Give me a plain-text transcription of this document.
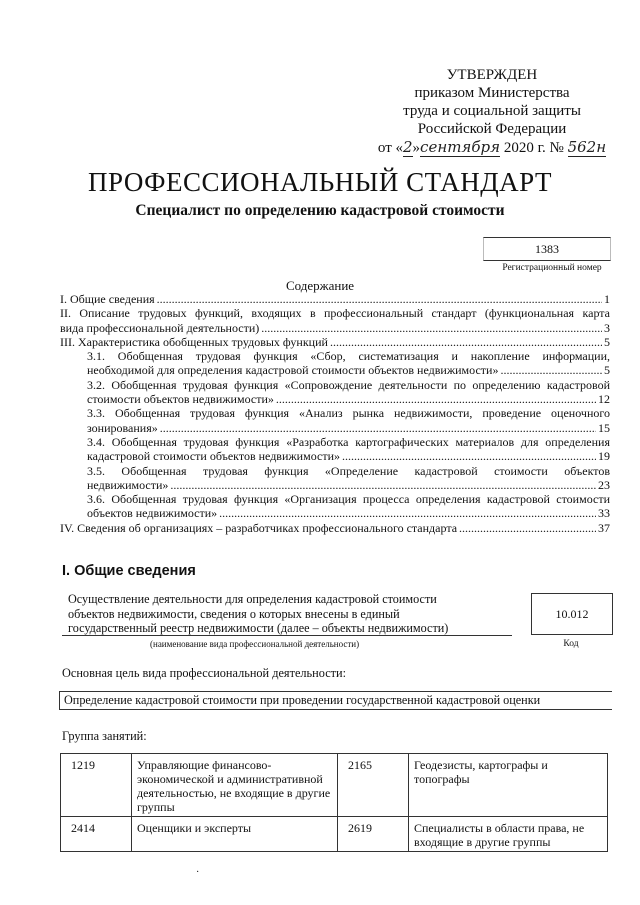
УТВЕРЖДЕН
приказом Министерства
труда и социальной защиты
Российской Федерации
от «2»сентября 2020 г. № 562н
ПРОФЕССИОНАЛЬНЫЙ СТАНДАРТ
Специалист по определению кадастровой стоимости
1383
Регистрационный номер
Содержание
I. Общие сведения .....	1
II. Описание трудовых функций, входящих в профессиональный стандарт (функциональная карта
вида профессиональной деятельности) .....	3
III. Характеристика обобщенных трудовых функций .....	5
3.1. Обобщенная трудовая функция «Сбор, систематизация и накопление информации,
необходимой для определения кадастровой стоимости объектов недвижимости» .....	5
3.2. Обобщенная трудовая функция «Сопровождение деятельности по определению кадастровой
стоимости объектов недвижимости» .....	12
3.3. Обобщенная трудовая функция «Анализ рынка недвижимости, проведение оценочного
зонирования» .....	15
3.4. Обобщенная трудовая функция «Разработка картографических материалов для определения
кадастровой стоимости объектов недвижимости» .....	19
3.5. Обобщенная трудовая функция «Определение кадастровой стоимости объектов
недвижимости» .....	23
3.6. Обобщенная трудовая функция «Организация процесса определения кадастровой стоимости
объектов недвижимости» .....	33
IV. Сведения об организациях – разработчиках профессионального стандарта .....	37
I. Общие сведения
Осуществление деятельности для определения кадастровой стоимости
объектов недвижимости, сведения о которых внесены в единый
государственный реестр недвижимости (далее – объекты недвижимости)
(наименование вида профессиональной деятельности)
10.012
Код
Основная цель вида профессиональной деятельности:
Определение кадастровой стоимости при проведении государственной кадастровой оценки
Группа занятий:
1219	Управляющие финансово-экономической и административной деятельностью, не входящие в другие группы	2165	Геодезисты, картографы и топографы
2414	Оценщики и эксперты	2619	Специалисты в области права, не входящие в другие группы
·
